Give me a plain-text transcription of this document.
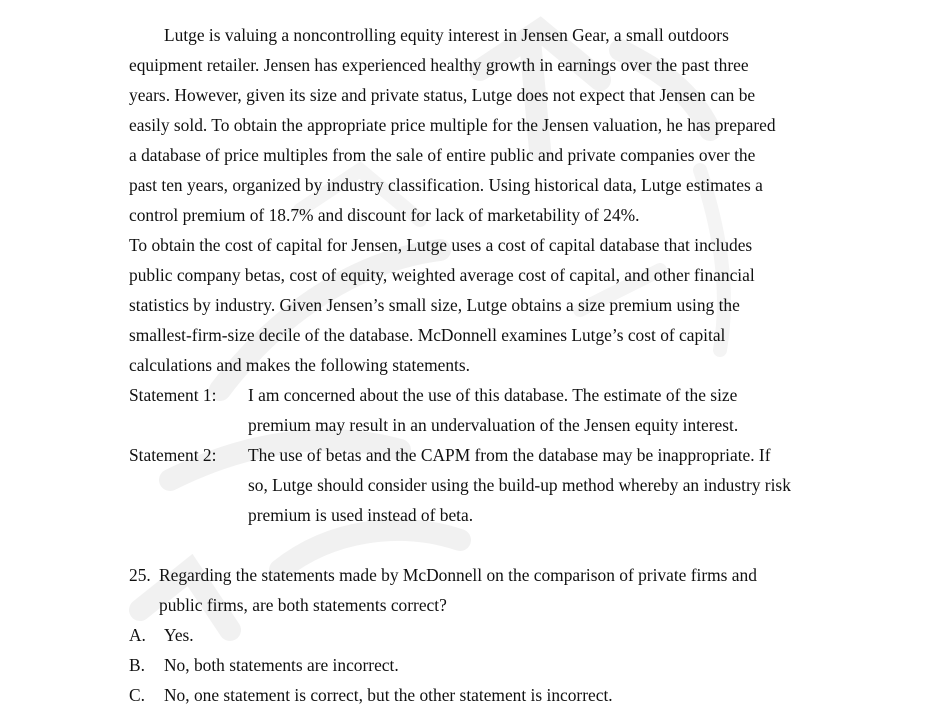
Lutge is valuing a noncontrolling equity interest in Jensen Gear, a small outdoors
equipment retailer. Jensen has experienced healthy growth in earnings over the past three
years. However, given its size and private status, Lutge does not expect that Jensen can be
easily sold. To obtain the appropriate price multiple for the Jensen valuation, he has prepared
a database of price multiples from the sale of entire public and private companies over the
past ten years, organized by industry classification. Using historical data, Lutge estimates a
control premium of 18.7% and discount for lack of marketability of 24%.
To obtain the cost of capital for Jensen, Lutge uses a cost of capital database that includes
public company betas, cost of equity, weighted average cost of capital, and other financial
statistics by industry. Given Jensen’s small size, Lutge obtains a size premium using the
smallest-firm-size decile of the database. McDonnell examines Lutge’s cost of capital
calculations and makes the following statements.
Statement 1: I am concerned about the use of this database. The estimate of the size
premium may result in an undervaluation of the Jensen equity interest.
Statement 2: The use of betas and the CAPM from the database may be inappropriate. If
so, Lutge should consider using the build-up method whereby an industry risk
premium is used instead of beta.
25. Regarding the statements made by McDonnell on the comparison of private firms and
public firms, are both statements correct?
A. Yes.
B. No, both statements are incorrect.
C. No, one statement is correct, but the other statement is incorrect.
